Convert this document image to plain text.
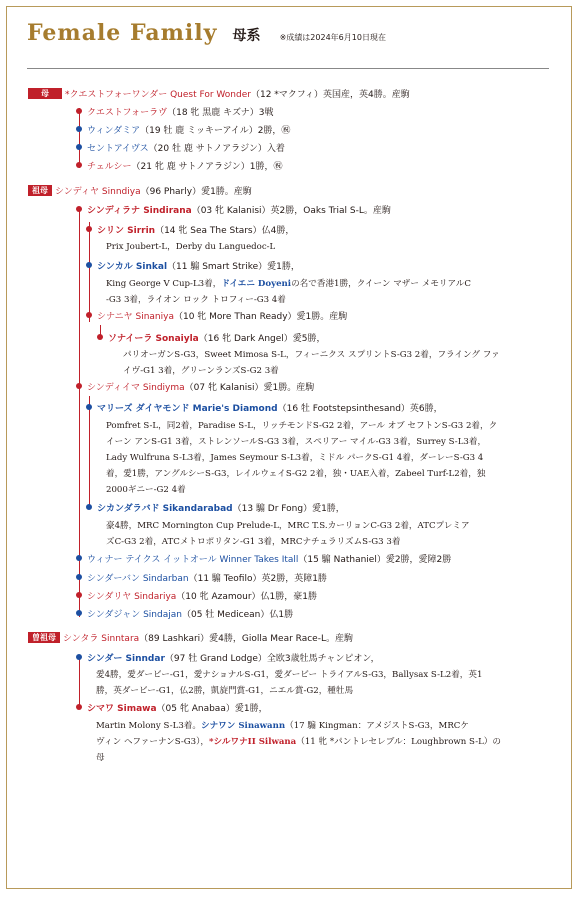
Female Family 母系 ※成績は2024年6月10日現在
母 *クエストフォーワンダー Quest For Wonder（12 *マクフィ）英国産，英4勝。産駒
クエストフォーラヴ（18 牝 黒鹿 キズナ）3戦
ウィンダミア（19 牡 鹿 ミッキーアイル）2勝，㊗
セントアイヴス（20 牡 鹿 サトノアラジン）入着
チェルシー（21 牝 鹿 サトノアラジン）1勝，㊗
祖母 シンディヤ Sinndiya（96 Pharly）愛1勝。産駒
シンディラナ Sindirana（03 牝 Kalanisi）英2勝，Oaks Trial S-L。産駒
シリン Sirrin（14 牝 Sea The Stars）仏4勝，
Prix Joubert-L，Derby du Languedoc-L
シンカル Sinkal（11 騸 Smart Strike）愛1勝，
King George V Cup-L3着，ドイエニ Doyeniの名で香港1勝，クイーン マザー メモリアルC
-G3 3着，ライオン ロック トロフィー-G3 4着
シナニヤ Sinaniya（10 牝 More Than Ready）愛1勝。産駒
ソナイーラ Sonaiyla（16 牝 Dark Angel）愛5勝，
パリオーガンS-G3，Sweet Mimosa S-L，フィーニクス スプリントS-G3 2着，フライング ファ
イヴ-G1 3着，グリーンランズS-G2 3着
シンディイマ Sindiyma（07 牝 Kalanisi）愛1勝。産駒
マリーズ ダイヤモンド Marie's Diamond（16 牡 Footstepsinthesand）英6勝，
Pomfret S-L，同2着，Paradise S-L，リッチモンドS-G2 2着，アール オブ セフトンS-G3 2着，ク
イーン アンS-G1 3着，ストレンソールS-G3 3着，スペリアー マイル-G3 3着，Surrey S-L3着，
Lady Wulfruna S-L3着，James Seymour S-L3着，ミドル パークS-G1 4着，ダーレーS-G3 4
着，愛1勝，アングルシーS-G3，レイルウェイS-G2 2着，独・UAE入着，Zabeel Turf-L2着，独
2000ギニー-G2 4着
シカンダラバド Sikandarabad（13 騸 Dr Fong）愛1勝，
豪4勝，MRC Mornington Cup Prelude-L，MRC T.S.カーリョンC-G3 2着，ATCプレミア
ズC-G3 2着，ATCメトロポリタン-G1 3着，MRCナチュラリズムS-G3 3着
ウィナー テイクス イットオール Winner Takes Itall（15 騸 Nathaniel）愛2勝，愛障2勝
シンダーバン Sindarban（11 騸 Teofilo）英2勝，英障1勝
シンダリヤ Sindariya（10 牝 Azamour）仏1勝，豪1勝
シンダジャン Sindajan（05 牡 Medicean）仏1勝
曽祖母 シンタラ Sinntara（89 Lashkari）愛4勝，Giolla Mear Race-L。産駒
シンダー Sinndar（97 牡 Grand Lodge）全欧3歳牡馬チャンピオン，
愛4勝，愛ダービー-G1，愛ナショナルS-G1，愛ダービー トライアルS-G3，Ballysax S-L2着，英1
勝，英ダービー-G1，仏2勝，凱旋門賞-G1，ニエル賞-G2，種牡馬
シマワ Simawa（05 牝 Anabaa）愛1勝，
Martin Molony S-L3着。シナワン Sinawann（17 騸 Kingman：アメジストS-G3，MRCケ
ヴィン ヘファーナンS-G3），*シルワナII Silwana（11 牝 *パントレセレブル：Loughbrown S-L）の
母
